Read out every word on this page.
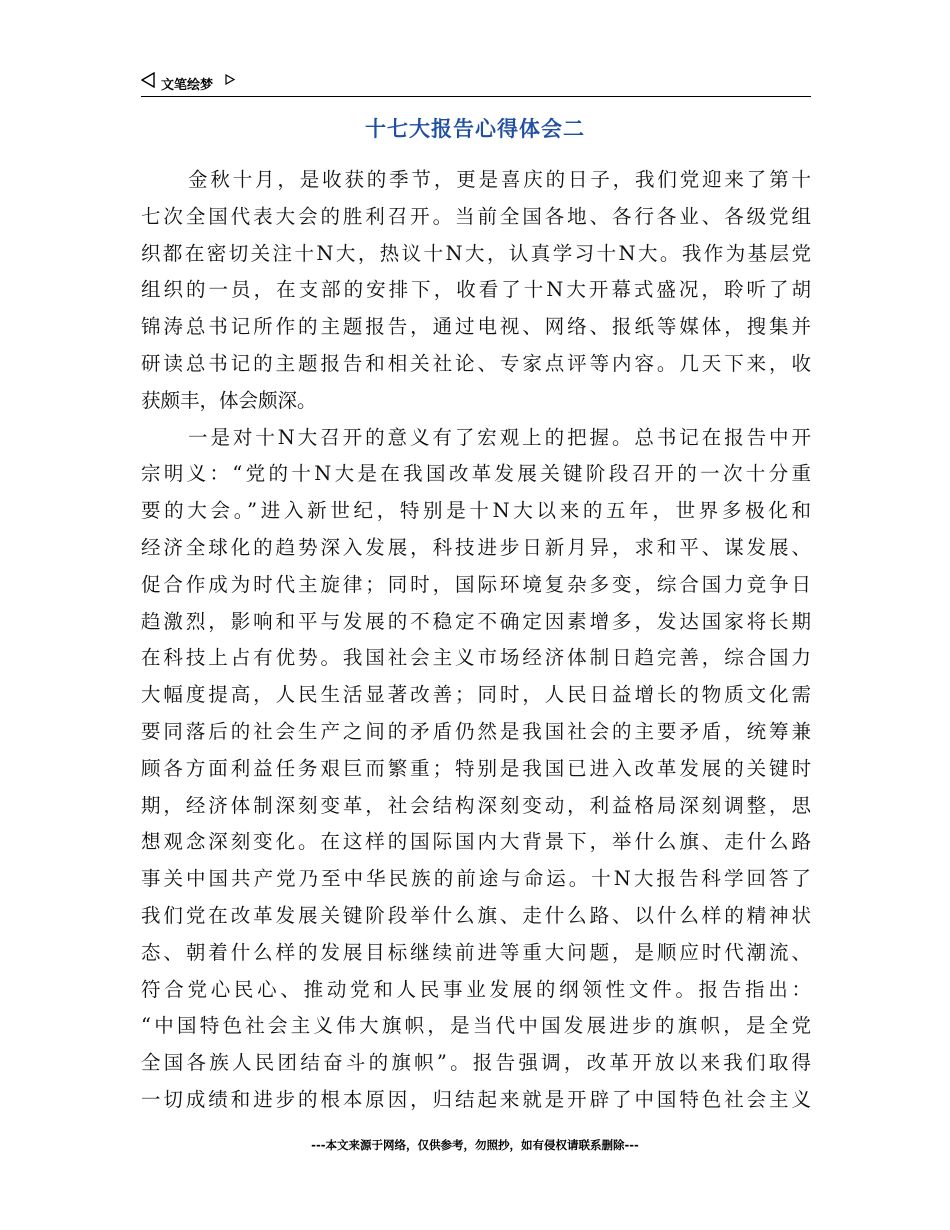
文笔绘梦
十七大报告心得体会二
金秋十月，是收获的季节，更是喜庆的日子，我们党迎来了第十
七次全国代表大会的胜利召开。当前全国各地、各行各业、各级党组
织都在密切关注十N大，热议十N大，认真学习十N大。我作为基层党
组织的一员，在支部的安排下，收看了十N大开幕式盛况，聆听了胡
锦涛总书记所作的主题报告，通过电视、网络、报纸等媒体，搜集并
研读总书记的主题报告和相关社论、专家点评等内容。几天下来，收
获颇丰，体会颇深。
一是对十N大召开的意义有了宏观上的把握。总书记在报告中开
宗明义：“党的十N大是在我国改革发展关键阶段召开的一次十分重
要的大会。”进入新世纪，特别是十N大以来的五年，世界多极化和
经济全球化的趋势深入发展，科技进步日新月异，求和平、谋发展、
促合作成为时代主旋律；同时，国际环境复杂多变，综合国力竞争日
趋激烈，影响和平与发展的不稳定不确定因素增多，发达国家将长期
在科技上占有优势。我国社会主义市场经济体制日趋完善，综合国力
大幅度提高，人民生活显著改善；同时，人民日益增长的物质文化需
要同落后的社会生产之间的矛盾仍然是我国社会的主要矛盾，统筹兼
顾各方面利益任务艰巨而繁重；特别是我国已进入改革发展的关键时
期，经济体制深刻变革，社会结构深刻变动，利益格局深刻调整，思
想观念深刻变化。在这样的国际国内大背景下，举什么旗、走什么路
事关中国共产党乃至中华民族的前途与命运。十N大报告科学回答了
我们党在改革发展关键阶段举什么旗、走什么路、以什么样的精神状
态、朝着什么样的发展目标继续前进等重大问题，是顺应时代潮流、
符合党心民心、推动党和人民事业发展的纲领性文件。报告指出：
“中国特色社会主义伟大旗帜，是当代中国发展进步的旗帜，是全党
全国各族人民团结奋斗的旗帜”。报告强调，改革开放以来我们取得
一切成绩和进步的根本原因，归结起来就是开辟了中国特色社会主义
---本文来源于网络，仅供参考，勿照抄，如有侵权请联系删除---
